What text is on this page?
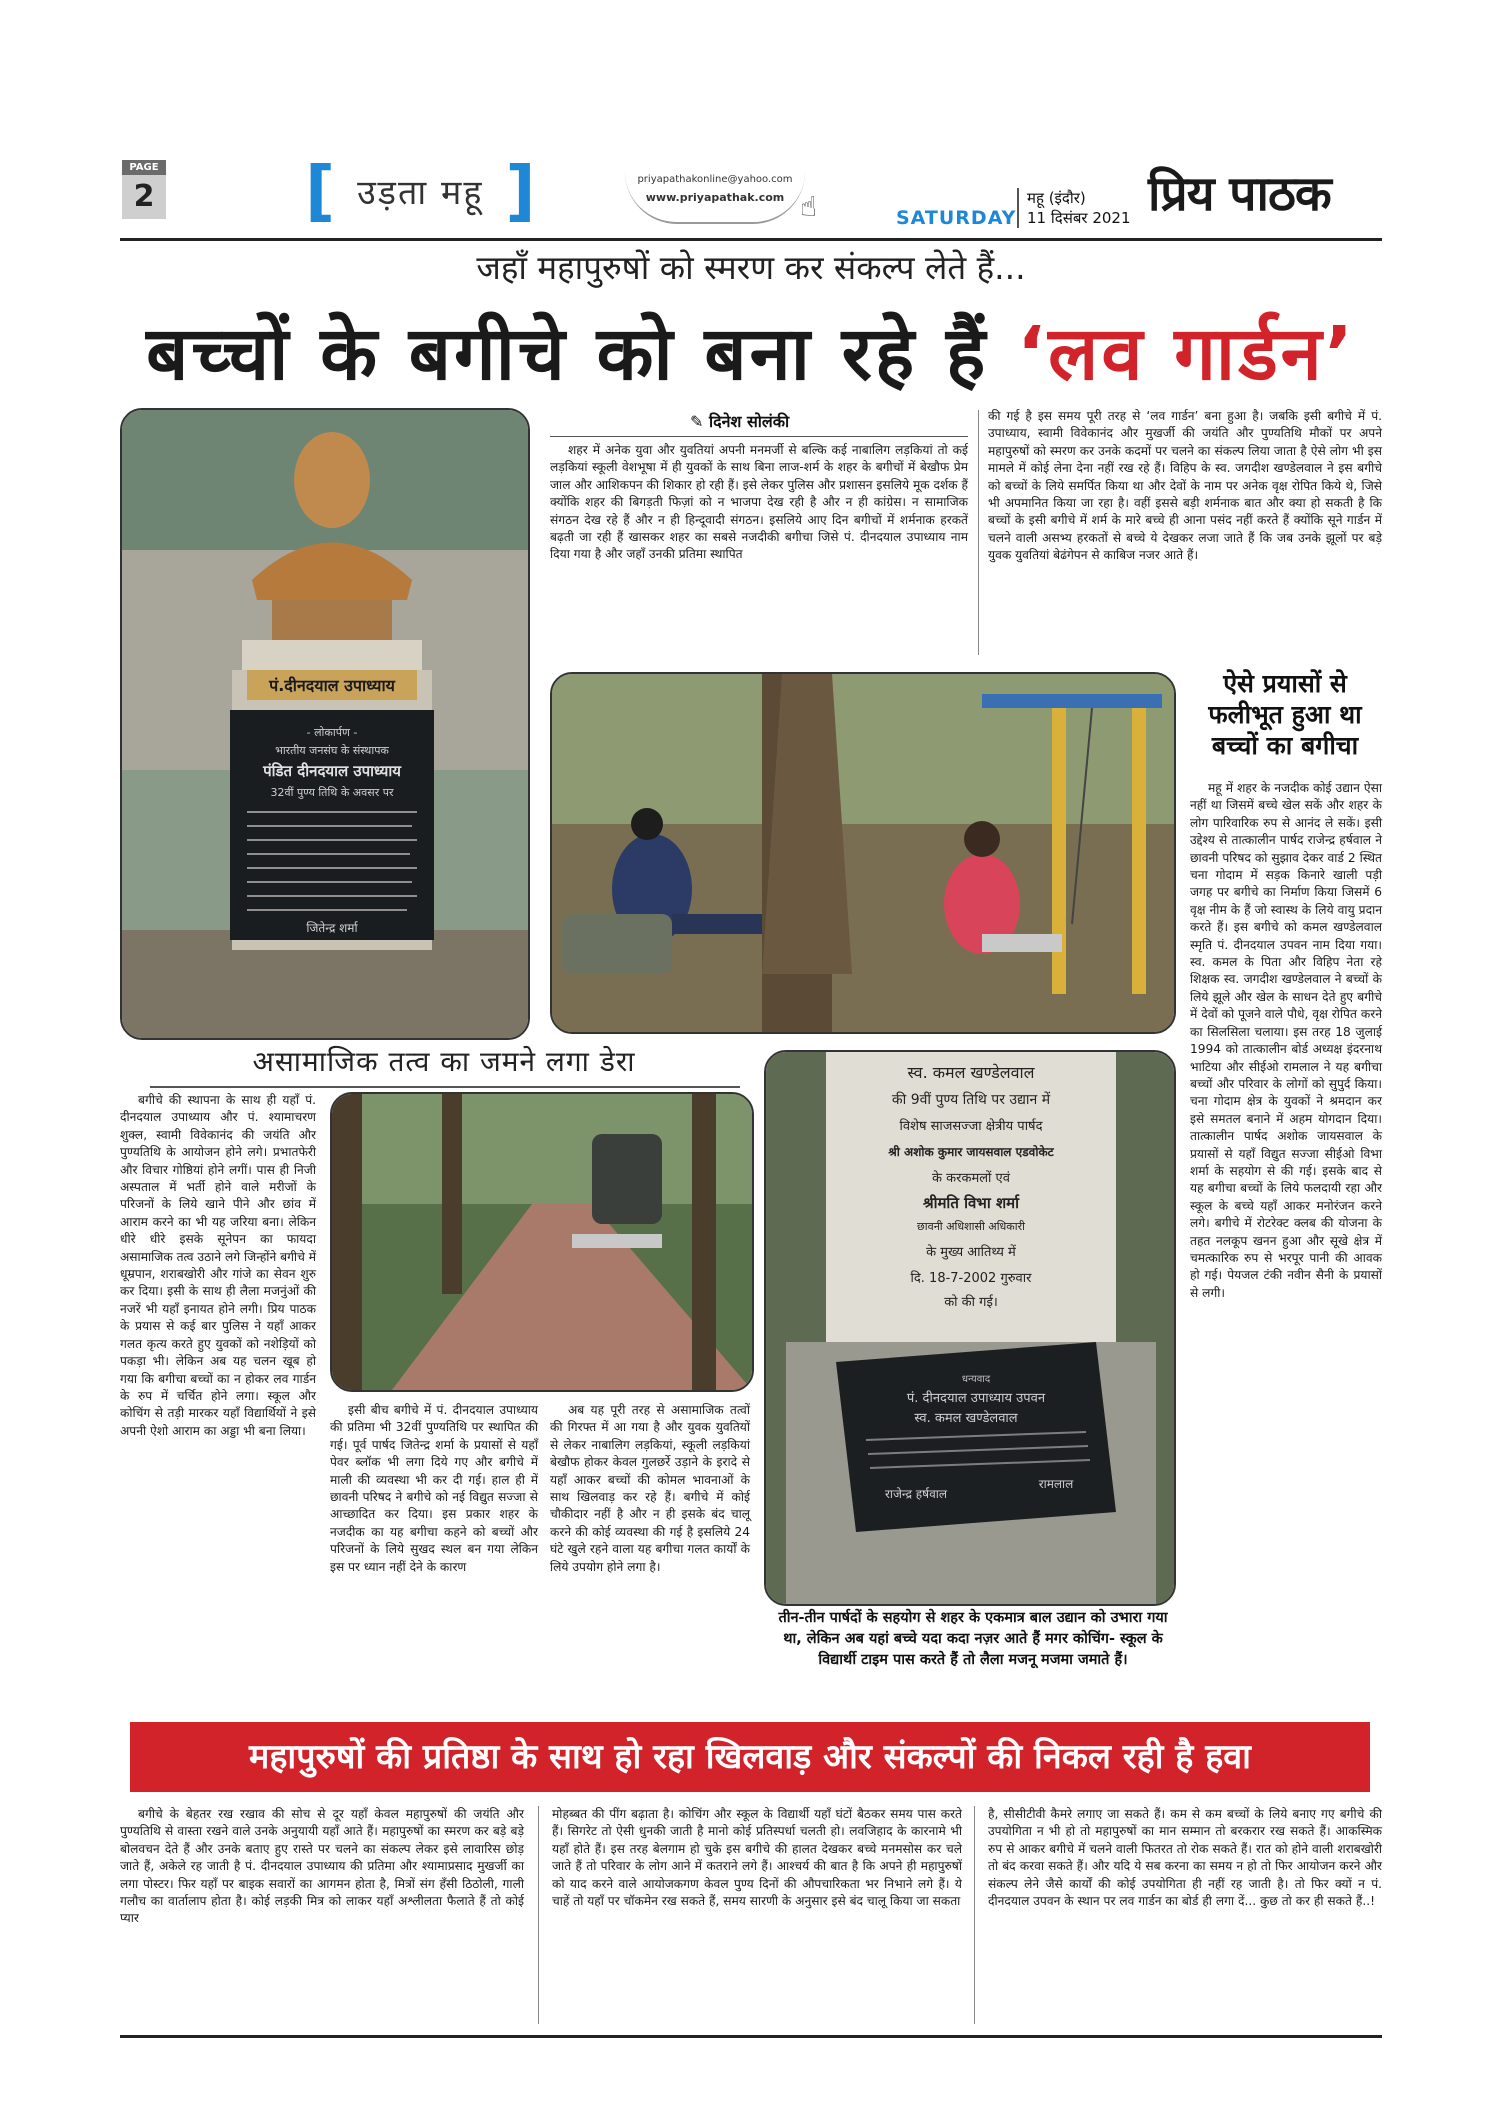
PAGE
2 [ उड़ता महू ]	priyapathakonline@yahoo.com
www.priyapathak.com ☝	SATURDAY
महू (इंदौर)
11 दिसंबर 2021 प्रिय पाठक
जहाँ महापुरुषों को स्मरण कर संकल्प लेते हैं...
बच्चों के बगीचे को बना रहे हैं ‘लव गार्डन’
पं.दीनदयाल उपाध्याय
- लोकार्पण -
भारतीय जनसंघ के संस्थापक
पंडित दीनदयाल उपाध्याय
32वीं पुण्य तिथि के अवसर पर
जितेन्द्र शर्मा
✎ दिनेश सोलंकी

शहर में अनेक युवा और युवतियां अपनी मनमर्जी से बल्कि कई नाबालिग लड़कियां तो कई लड़कियां स्कूली वेशभूषा में ही युवकों के साथ बिना लाज-शर्म के शहर के बगीचों में बेखौफ प्रेम जाल और आशिकपन की शिकार हो रही हैं। इसे लेकर पुलिस और प्रशासन इसलिये मूक दर्शक हैं क्योंकि शहर की बिगड़ती फिज़ां को न भाजपा देख रही है और न ही कांग्रेस। न सामाजिक संगठन देख रहे हैं और न ही हिन्दूवादी संगठन। इसलिये आए दिन बगीचों में शर्मनाक हरकतें बढ़ती जा रही हैं खासकर शहर का सबसे नजदीकी बगीचा जिसे पं. दीनदयाल उपाध्याय नाम दिया गया है और जहाँ उनकी प्रतिमा स्थापित

की गई है इस समय पूरी तरह से ‘लव गार्डन’ बना हुआ है। जबकि इसी बगीचे में पं. उपाध्याय, स्वामी विवेकानंद और मुखर्जी की जयंति और पुण्यतिथि मौकों पर अपने महापुरुषों को स्मरण कर उनके कदमों पर चलने का संकल्प लिया जाता है ऐसे लोग भी इस मामले में कोई लेना देना नहीं रख रहे हैं। विहिप के स्व. जगदीश खण्डेलवाल ने इस बगीचे को बच्चों के लिये समर्पित किया था और देवों के नाम पर अनेक वृक्ष रोपित किये थे, जिसे भी अपमानित किया जा रहा है। वहीं इससे बड़ी शर्मनाक बात और क्या हो सकती है कि बच्चों के इसी बगीचे में शर्म के मारे बच्चे ही आना पसंद नहीं करते हैं क्योंकि सूने गार्डन में चलने वाली असभ्य हरकतों से बच्चे ये देखकर लजा जाते हैं कि जब उनके झूलों पर बड़े युवक युवतियां बेढंगेपन से काबिज नजर आते हैं।

ऐसे प्रयासों से फलीभूत हुआ था बच्चों का बगीचा

महू में शहर के नजदीक कोई उद्यान ऐसा नहीं था जिसमें बच्चे खेल सकें और शहर के लोग पारिवारिक रुप से आनंद ले सकें। इसी उद्देश्य से तात्कालीन पार्षद राजेन्द्र हर्षवाल ने छावनी परिषद को सुझाव देकर वार्ड 2 स्थित चना गोदाम में सड़क किनारे खाली पड़ी जगह पर बगीचे का निर्माण किया जिसमें 6 वृक्ष नीम के हैं जो स्वास्थ के लिये वायु प्रदान करते हैं। इस बगीचे को कमल खण्डेलवाल स्मृति पं. दीनदयाल उपवन नाम दिया गया। स्व. कमल के पिता और विहिप नेता रहे शिक्षक स्व. जगदीश खण्डेलवाल ने बच्चों के लिये झूले और खेल के साधन देते हुए बगीचे में देवों को पूजने वाले पौधे, वृक्ष रोपित करने का सिलसिला चलाया। इस तरह 18 जुलाई 1994 को तात्कालीन बोर्ड अध्यक्ष इंदरनाथ भाटिया और सीईओ रामलाल ने यह बगीचा बच्चों और परिवार के लोगों को सुपुर्द किया। चना गोदाम क्षेत्र के युवकों ने श्रमदान कर इसे समतल बनाने में अहम योगदान दिया। तात्कालीन पार्षद अशोक जायसवाल के प्रयासों से यहाँ विद्युत सज्जा सीईओ विभा शर्मा के सहयोग से की गई। इसके बाद से यह बगीचा बच्चों के लिये फलदायी रहा और स्कूल के बच्चे यहाँ आकर मनोरंजन करने लगे। बगीचे में रोटरेक्ट क्लब की योजना के तहत नलकूप खनन हुआ और सूखे क्षेत्र में चमत्कारिक रुप से भरपूर पानी की आवक हो गई। पेयजल टंकी नवीन सैनी के प्रयासों से लगी।

असामाजिक तत्व का जमने लगा डेरा

बगीचे की स्थापना के साथ ही यहाँ पं. दीनदयाल उपाध्याय और पं. श्यामाचरण शुक्ल, स्वामी विवेकानंद की जयंति और पुण्यतिथि के आयोजन होने लगे। प्रभातफेरी और विचार गोष्ठियां होने लगीं। पास ही निजी अस्पताल में भर्ती होने वाले मरीजों के परिजनों के लिये खाने पीने और छांव में आराम करने का भी यह जरिया बना। लेकिन धीरे धीरे इसके सूनेपन का फायदा असामाजिक तत्व उठाने लगे जिन्होंने बगीचे में धूम्रपान, शराबखोरी और गांजे का सेवन शुरु कर दिया। इसी के साथ ही लैला मजनुंओं की नजरें भी यहाँ इनायत होने लगी। प्रिय पाठक के प्रयास से कई बार पुलिस ने यहाँ आकर गलत कृत्य करते हुए युवकों को नशेड़ियों को पकड़ा भी। लेकिन अब यह चलन खूब हो गया कि बगीचा बच्चों का न होकर लव गार्डन के रुप में चर्चित होने लगा। स्कूल और कोचिंग से तड़ी मारकर यहाँ विद्यार्थियों ने इसे अपनी ऐशो आराम का अड्डा भी बना लिया।

इसी बीच बगीचे में पं. दीनदयाल उपाध्याय की प्रतिमा भी 32वीं पुण्यतिथि पर स्थापित की गई। पूर्व पार्षद जितेन्द्र शर्मा के प्रयासों से यहाँ पेवर ब्लॉक भी लगा दिये गए और बगीचे में माली की व्यवस्था भी कर दी गई। हाल ही में छावनी परिषद ने बगीचे को नई विद्युत सज्जा से आच्छादित कर दिया। इस प्रकार शहर के नजदीक का यह बगीचा कहने को बच्चों और परिजनों के लिये सुखद स्थल बन गया लेकिन इस पर ध्यान नहीं देने के कारण

अब यह पूरी तरह से असामाजिक तत्वों की गिरफ्त में आ गया है और युवक युवतियों से लेकर नाबालिग लड़कियां, स्कूली लड़कियां बेखौफ होकर केवल गुलछर्रे उड़ाने के इरादे से यहाँ आकर बच्चों की कोमल भावनाओं के साथ खिलवाड़ कर रहे हैं। बगीचे में कोई चौकीदार नहीं है और न ही इसके बंद चालू करने की कोई व्यवस्था की गई है इसलिये 24 घंटे खुले रहने वाला यह बगीचा गलत कार्यों के लिये उपयोग होने लगा है।

स्व. कमल खण्डेलवाल
की 9वीं पुण्य तिथि पर उद्यान में
विशेष साजसज्जा क्षेत्रीय पार्षद
श्री अशोक कुमार जायसवाल एडवोकेट
के करकमलों एवं
श्रीमति विभा शर्मा
छावनी अधिशासी अधिकारी
के मुख्य आतिथ्य में
दि. 18-7-2002 गुरुवार
को की गई।
धन्यवाद
पं. दीनदयाल उपाध्याय उपवन
स्व. कमल खण्डेलवाल
राजेन्द्र हर्षवाल
रामलाल
तीन-तीन पार्षदों के सहयोग से शहर के एकमात्र बाल उद्यान को उभारा गया था, लेकिन अब यहां बच्चे यदा कदा नज़र आते हैं मगर कोचिंग- स्कूल के विद्यार्थी टाइम पास करते हैं तो लैला मजनू मजमा जमाते हैं।
महापुरुषों की प्रतिष्ठा के साथ हो रहा खिलवाड़ और संकल्पों की निकल रही है हवा

बगीचे के बेहतर रख रखाव की सोच से दूर यहाँ केवल महापुरुषों की जयंति और पुण्यतिथि से वास्ता रखने वाले उनके अनुयायी यहाँ आते हैं। महापुरुषों का स्मरण कर बड़े बड़े बोलवचन देते हैं और उनके बताए हुए रास्ते पर चलने का संकल्प लेकर इसे लावारिस छोड़ जाते हैं, अकेले रह जाती है पं. दीनदयाल उपाध्याय की प्रतिमा और श्यामाप्रसाद मुखर्जी का लगा पोस्टर। फिर यहाँ पर बाइक सवारों का आगमन होता है, मित्रों संग हँसी ठिठोली, गाली गलौच का वार्तालाप होता है। कोई लड़की मित्र को लाकर यहाँ अश्लीलता फैलाते हैं तो कोई प्यार

मोहब्बत की पींग बढ़ाता है। कोचिंग और स्कूल के विद्यार्थी यहाँ घंटों बैठकर समय पास करते हैं। सिगरेट तो ऐसी धुनकी जाती है मानो कोई प्रतिस्पर्धा चलती हो। लवजिहाद के कारनामे भी यहाँ होते हैं। इस तरह बेलगाम हो चुके इस बगीचे की हालत देखकर बच्चे मनमसोस कर चले जाते हैं तो परिवार के लोग आने में कतराने लगे हैं। आश्चर्य की बात है कि अपने ही महापुरुषों को याद करने वाले आयोजकगण केवल पुण्य दिनों की औपचारिकता भर निभाने लगे हैं। ये चाहें तो यहाँ पर चॉकमेन रख सकते हैं, समय सारणी के अनुसार इसे बंद चालू किया जा सकता

है, सीसीटीवी कैमरे लगाए जा सकते हैं। कम से कम बच्चों के लिये बनाए गए बगीचे की उपयोगिता न भी हो तो महापुरुषों का मान सम्मान तो बरकरार रख सकते हैं। आकस्मिक रुप से आकर बगीचे में चलने वाली फितरत तो रोक सकते हैं। रात को होने वाली शराबखोरी तो बंद करवा सकते हैं। और यदि ये सब करना का समय न हो तो फिर आयोजन करने और संकल्प लेने जैसे कार्यों की कोई उपयोगिता ही नहीं रह जाती है। तो फिर क्यों न पं. दीनदयाल उपवन के स्थान पर लव गार्डन का बोर्ड ही लगा दें... कुछ तो कर ही सकते हैं..!
